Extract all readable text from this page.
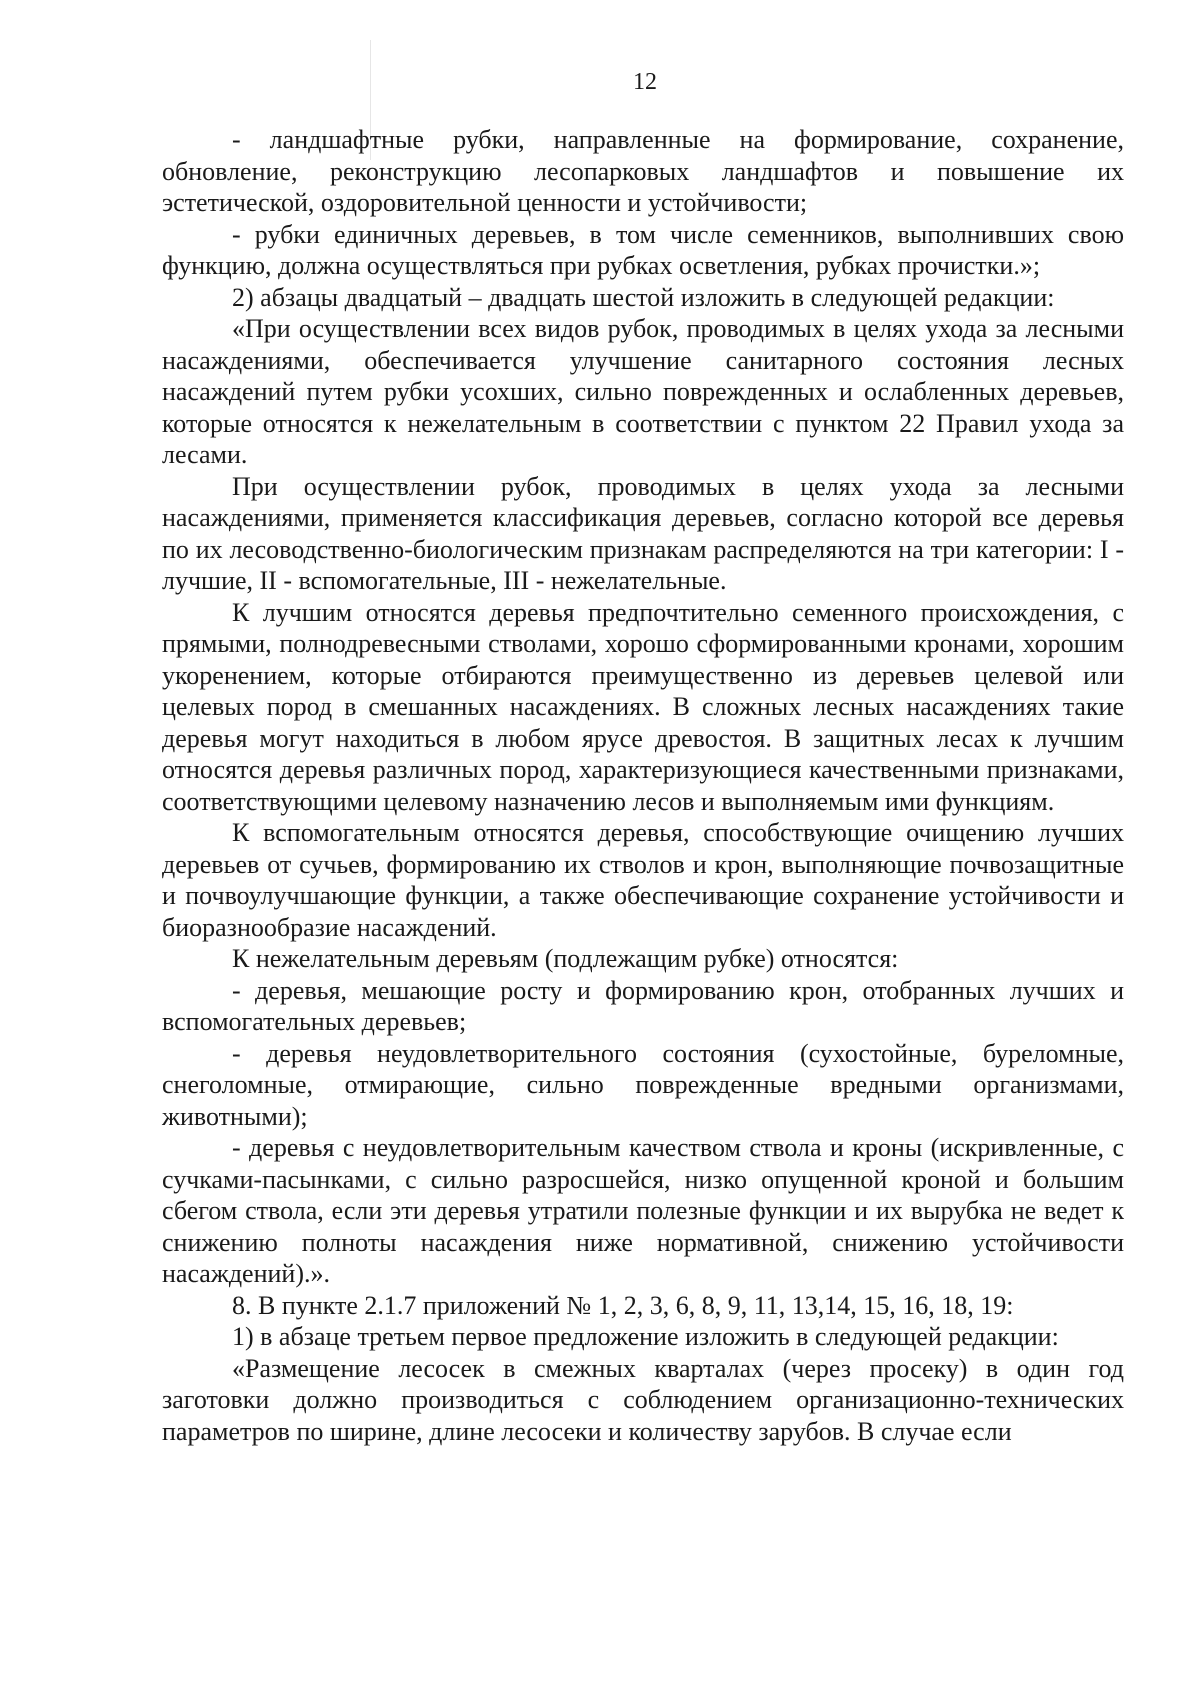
12

- ландшафтные рубки, направленные на формирование, сохранение, обновление, реконструкцию лесопарковых ландшафтов и повышение их эстетической, оздоровительной ценности и устойчивости;

- рубки единичных деревьев, в том числе семенников, выполнивших свою функцию, должна осуществляться при рубках осветления, рубках прочистки.»;

2) абзацы двадцатый – двадцать шестой изложить в следующей редакции:

«При осуществлении всех видов рубок, проводимых в целях ухода за лесными насаждениями, обеспечивается улучшение санитарного состояния лесных насаждений путем рубки усохших, сильно поврежденных и ослабленных деревьев, которые относятся к нежелательным в соответствии с пунктом 22 Правил ухода за лесами.

При осуществлении рубок, проводимых в целях ухода за лесными насаждениями, применяется классификация деревьев, согласно которой все деревья по их лесоводственно-биологическим признакам распределяются на три категории: I - лучшие, II - вспомогательные, III - нежелательные.

К лучшим относятся деревья предпочтительно семенного происхождения, с прямыми, полнодревесными стволами, хорошо сформированными кронами, хорошим укоренением, которые отбираются преимущественно из деревьев целевой или целевых пород в смешанных насаждениях. В сложных лесных насаждениях такие деревья могут находиться в любом ярусе древостоя. В защитных лесах к лучшим относятся деревья различных пород, характеризующиеся качественными признаками, соответствующими целевому назначению лесов и выполняемым ими функциям.

К вспомогательным относятся деревья, способствующие очищению лучших деревьев от сучьев, формированию их стволов и крон, выполняющие почвозащитные и почвоулучшающие функции, а также обеспечивающие сохранение устойчивости и биоразнообразие насаждений.

К нежелательным деревьям (подлежащим рубке) относятся:

- деревья, мешающие росту и формированию крон, отобранных лучших и вспомогательных деревьев;

- деревья неудовлетворительного состояния (сухостойные, буреломные, снеголомные, отмирающие, сильно поврежденные вредными организмами, животными);

- деревья с неудовлетворительным качеством ствола и кроны (искривленные, с сучками-пасынками, с сильно разросшейся, низко опущенной кроной и большим сбегом ствола, если эти деревья утратили полезные функции и их вырубка не ведет к снижению полноты насаждения ниже нормативной, снижению устойчивости насаждений).».

8. В пункте 2.1.7 приложений № 1, 2, 3, 6, 8, 9, 11, 13,14, 15, 16, 18, 19:

1) в абзаце третьем первое предложение изложить в следующей редакции:

«Размещение лесосек в смежных кварталах (через просеку) в один год заготовки должно производиться с соблюдением организационно-технических параметров по ширине, длине лесосеки и количеству зарубов. В случае если
